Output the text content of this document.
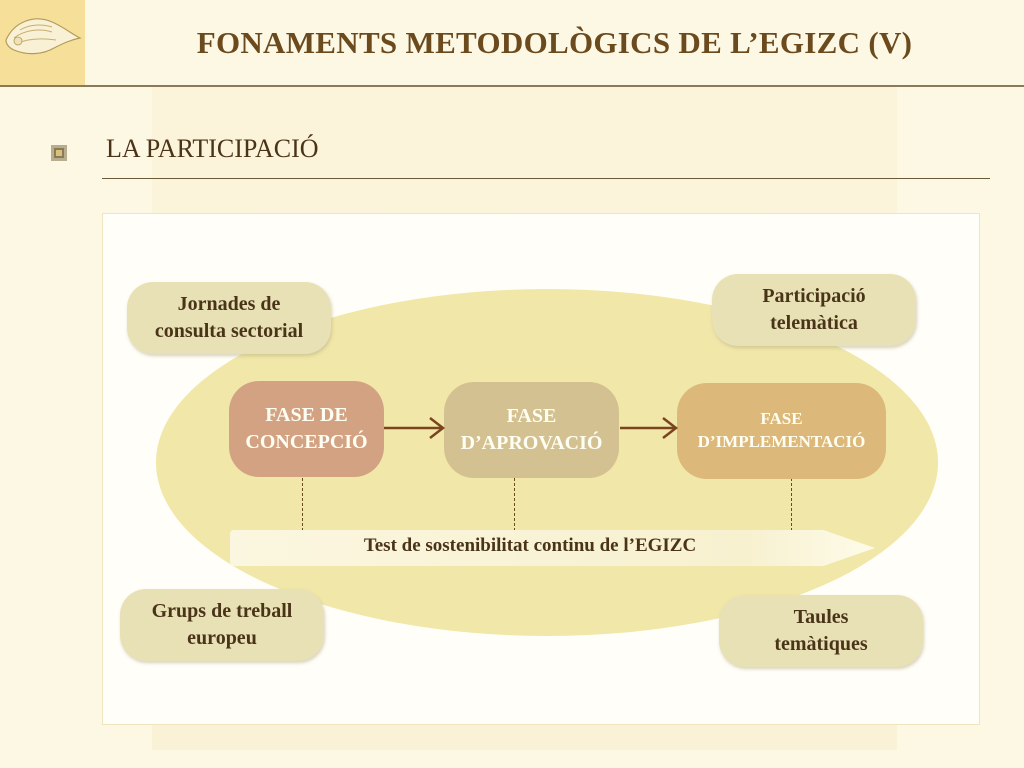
FONAMENTS METODOLÒGICS DE L’EGIZC (V)
LA PARTICIPACIÓ
Jornades de
consulta sectorial
Participació
telemàtica
Grups de treball
europeu
Taules
temàtiques
FASE DE
CONCEPCIÓ
FASE
D’APROVACIÓ
FASE
D’IMPLEMENTACIÓ
Test de sostenibilitat continu de l’EGIZC
